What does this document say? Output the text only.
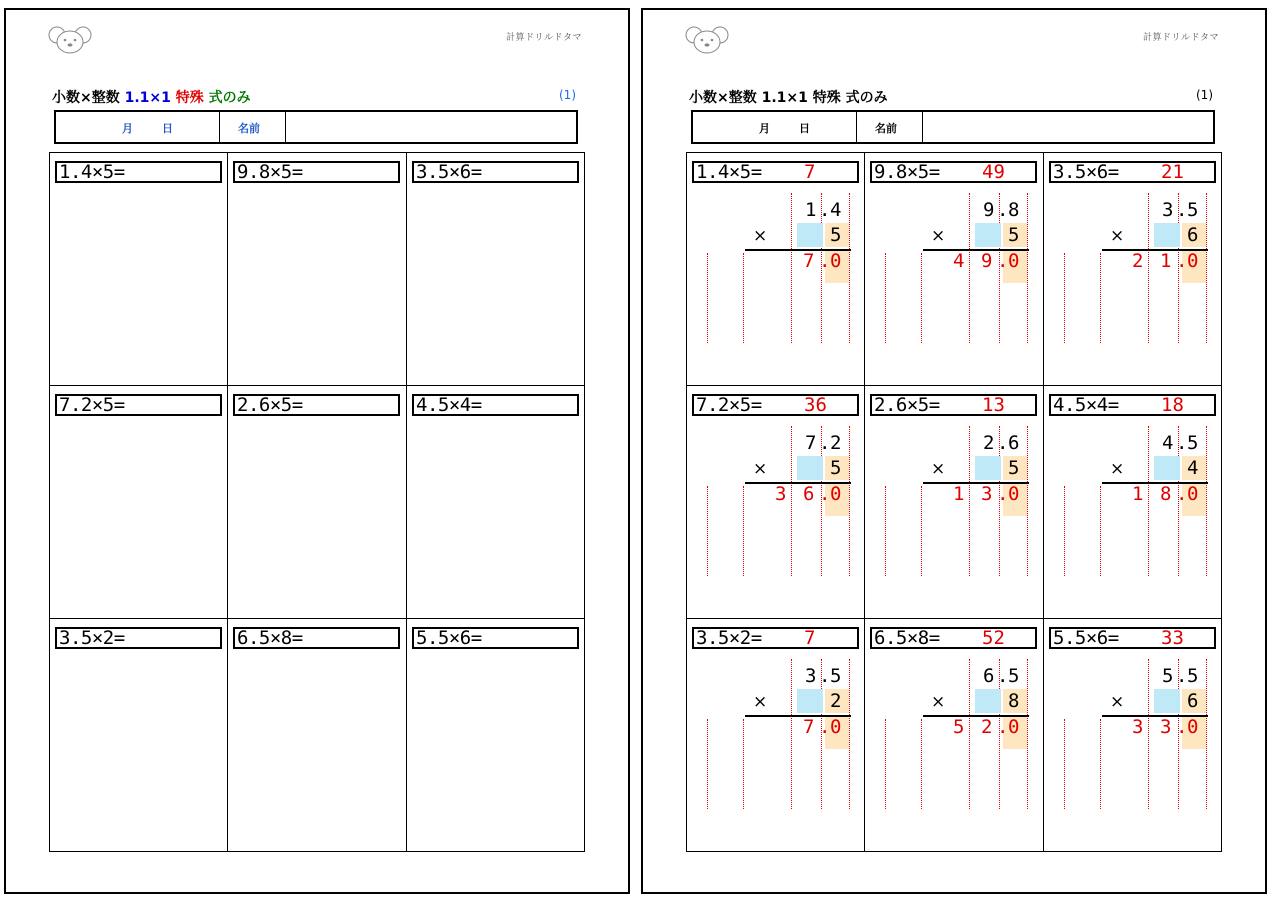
計算ドリルドタマ
小数×整数 1.1×1 特殊 式のみ	(1)
月	日	名前
1.4×5=	9.8×5=	3.5×6=
7.2×5=	2.6×5=	4.5×4=
3.5×2=	6.5×8=	5.5×6=
計算ドリルドタマ
小数×整数 1.1×1 特殊 式のみ	(1)
月	日	名前
1.4×5= 7
1 . 4
×	5
7 . 0
9.8×5= 49
9 . 8
×	5
4 9 . 0
3.5×6= 21
3 . 5
×	6
2 1 . 0
7.2×5= 36
7 . 2
×	5
3 6 . 0
2.6×5= 13
2 . 6
×	5
1 3 . 0
4.5×4= 18
4 . 5
×	4
1 8 . 0
3.5×2= 7
3 . 5
×	2
7 . 0
6.5×8= 52
6 . 5
×	8
5 2 . 0
5.5×6= 33
5 . 5
×	6
3 3 . 0
